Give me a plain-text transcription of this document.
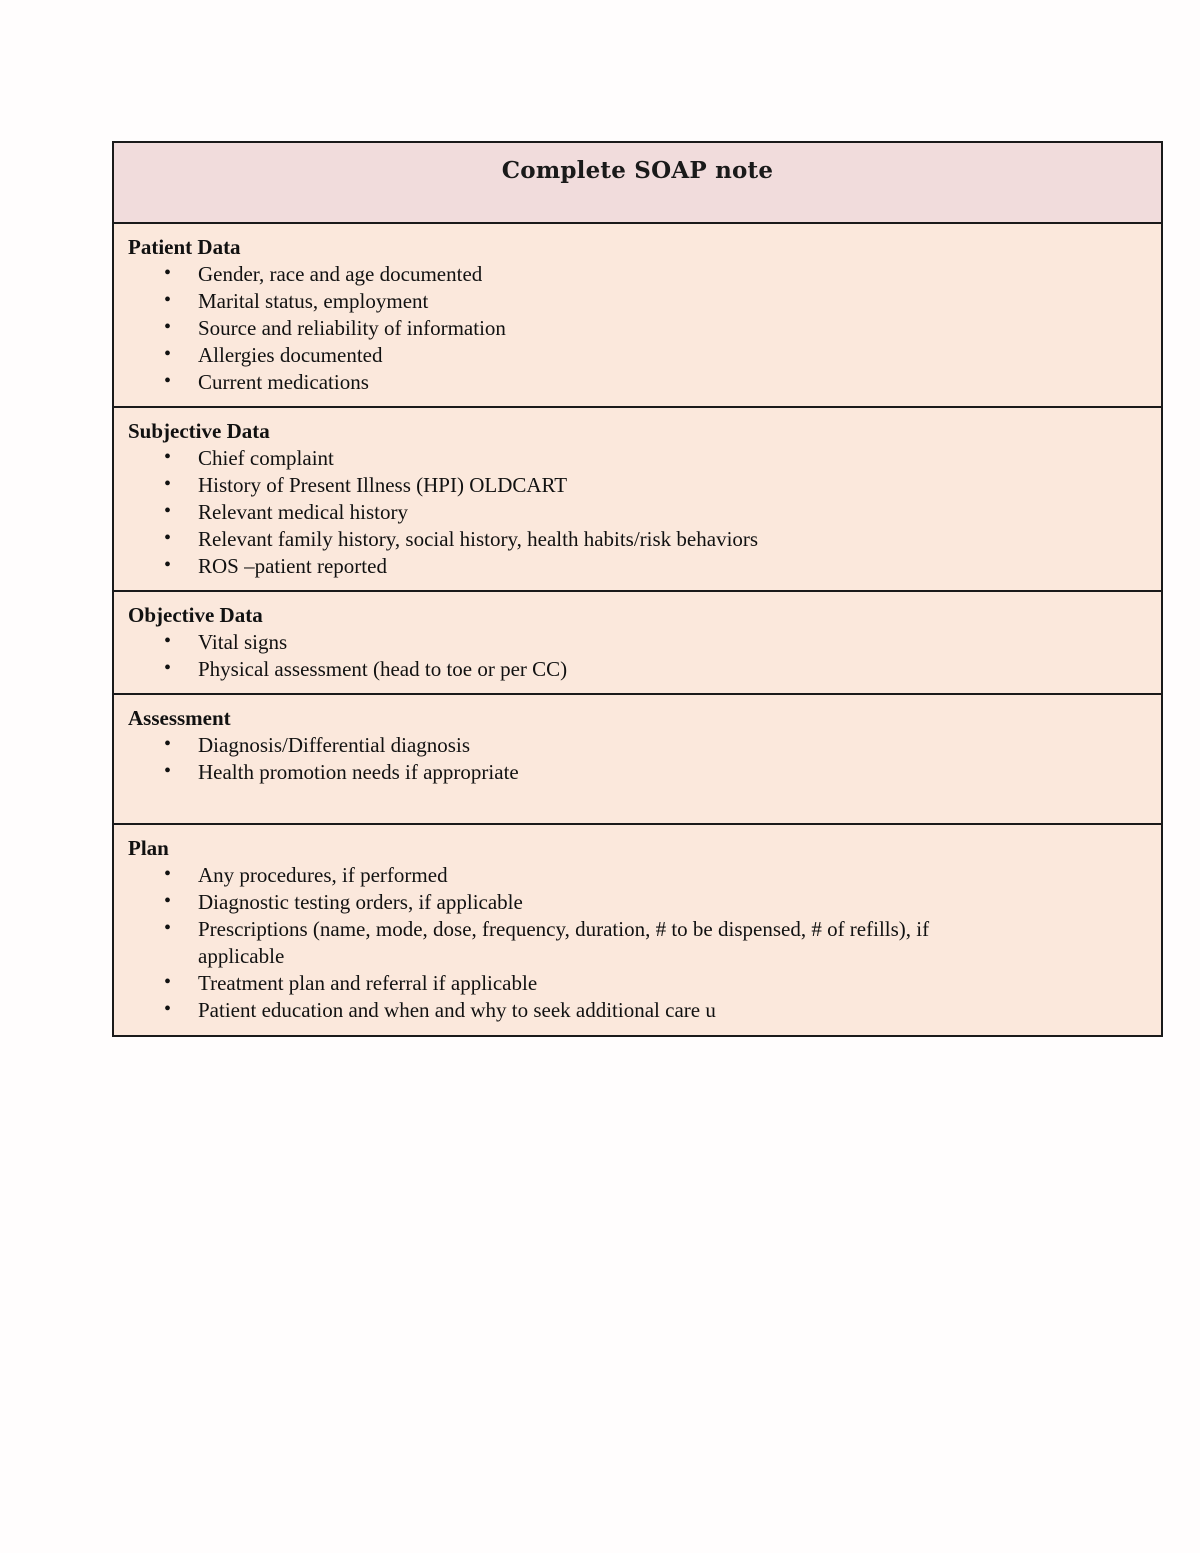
Complete SOAP note
Patient Data
• Gender, race and age documented
• Marital status, employment
• Source and reliability of information
• Allergies documented
• Current medications
Subjective Data
• Chief complaint
• History of Present Illness (HPI) OLDCART
• Relevant medical history
• Relevant family history, social history, health habits/risk behaviors
• ROS –patient reported
Objective Data
• Vital signs
• Physical assessment (head to toe or per CC)
Assessment
• Diagnosis/Differential diagnosis
• Health promotion needs if appropriate
Plan
• Any procedures, if performed
• Diagnostic testing orders, if applicable
• Prescriptions (name, mode, dose, frequency, duration, # to be dispensed, # of refills), if applicable
• Treatment plan and referral if applicable
• Patient education and when and why to seek additional care u
